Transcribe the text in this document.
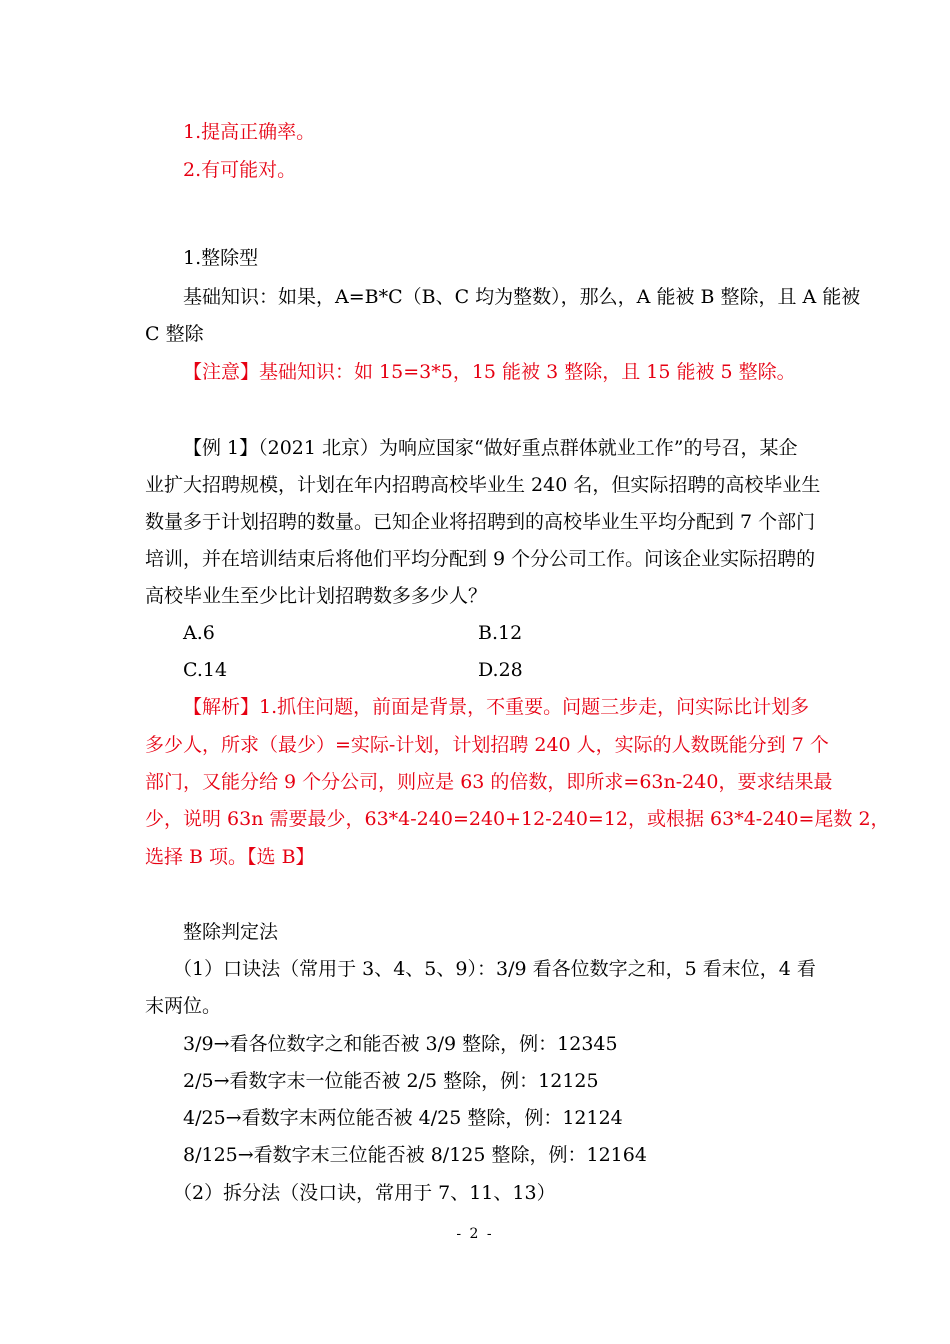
1.提高正确率。

2.有可能对。

1.整除型

基础知识：如果，A=B*C（B、C 均为整数），那么，A 能被 B 整除，且 A 能被

C 整除

【注意】基础知识：如 15=3*5，15 能被 3 整除，且 15 能被 5 整除。

【例 1】（2021 北京）为响应国家“做好重点群体就业工作”的号召，某企

业扩大招聘规模，计划在年内招聘高校毕业生 240 名，但实际招聘的高校毕业生

数量多于计划招聘的数量。已知企业将招聘到的高校毕业生平均分配到 7 个部门

培训，并在培训结束后将他们平均分配到 9 个分公司工作。问该企业实际招聘的

高校毕业生至少比计划招聘数多多少人？

A.6	B.12

C.14	D.28

【解析】1.抓住问题，前面是背景，不重要。问题三步走，问实际比计划多

多少人，所求（最少）=实际-计划，计划招聘 240 人，实际的人数既能分到 7 个

部门，又能分给 9 个分公司，则应是 63 的倍数，即所求=63n-240，要求结果最

少，说明 63n 需要最少，63*4-240=240+12-240=12，或根据 63*4-240=尾数 2，

选择 B 项。【选 B】

整除判定法

（1）口诀法（常用于 3、4、5、9）：3/9 看各位数字之和，5 看末位，4 看

末两位。

3/9→看各位数字之和能否被 3/9 整除，例：12345

2/5→看数字末一位能否被 2/5 整除，例：12125

4/25→看数字末两位能否被 4/25 整除，例：12124

8/125→看数字末三位能否被 8/125 整除，例：12164

（2）拆分法（没口诀，常用于 7、11、13）

- 2 -
